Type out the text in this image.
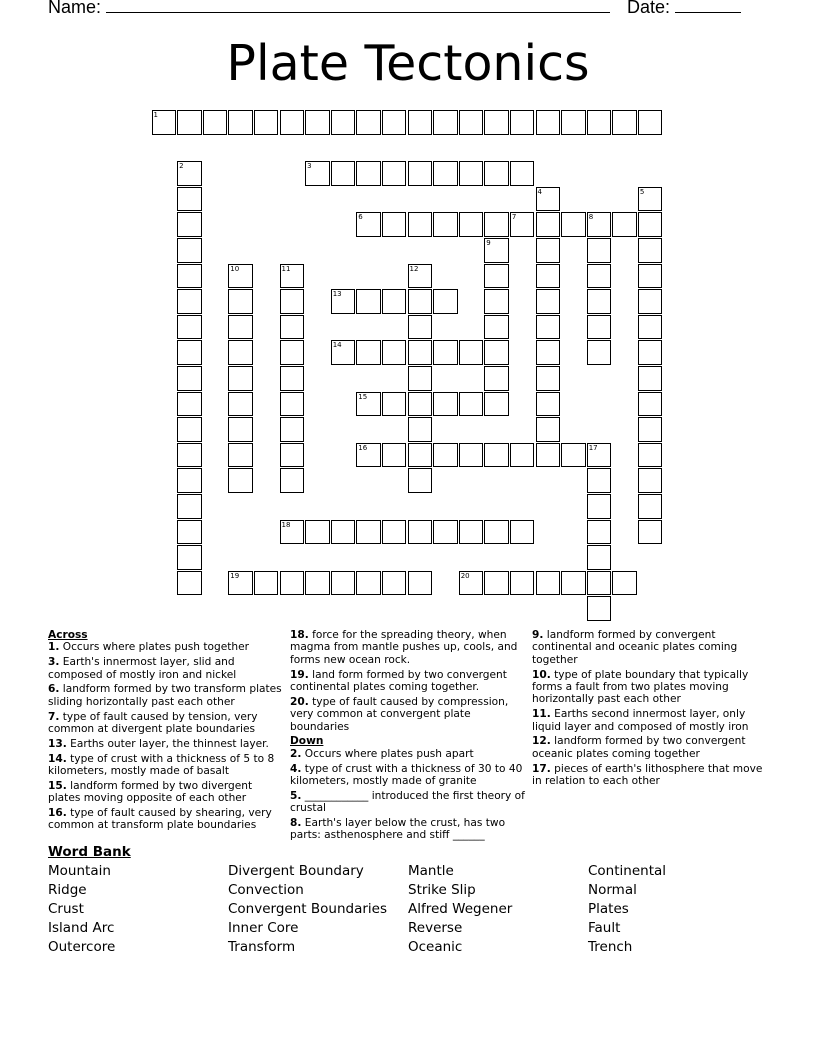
Name:	Date:
Plate Tectonics
1
2	3
4	5
6	7	8
9
10	11	12
13
14
15
16	17
18
19	20
Across
1. Occurs where plates push together
3. Earth's innermost layer, slid and composed of mostly iron and nickel
6. landform formed by two transform plates sliding horizontally past each other
7. type of fault caused by tension, very common at divergent plate boundaries
13. Earths outer layer, the thinnest layer.
14. type of crust with a thickness of 5 to 8 kilometers, mostly made of basalt
15. landform formed by two divergent plates moving opposite of each other
16. type of fault caused by shearing, very common at transform plate boundaries
18. force for the spreading theory, when magma from mantle pushes up, cools, and forms new ocean rock.
19. land form formed by two convergent continental plates coming together.
20. type of fault caused by compression, very common at convergent plate boundaries
Down
2. Occurs where plates push apart
4. type of crust with a thickness of 30 to 40 kilometers, mostly made of granite
5. ____________ introduced the first theory of crustal
8. Earth's layer below the crust, has two parts: asthenosphere and stiff ______
9. landform formed by convergent continental and oceanic plates coming together
10. type of plate boundary that typically forms a fault from two plates moving horizontally past each other
11. Earths second innermost layer, only liquid layer and composed of mostly iron
12. landform formed by two convergent oceanic plates coming together
17. pieces of earth's lithosphere that move in relation to each other
Word Bank
Mountain
Ridge
Crust
Island Arc
Outercore
Divergent Boundary
Convection
Convergent Boundaries
Inner Core
Transform
Mantle
Strike Slip
Alfred Wegener
Reverse
Oceanic
Continental
Normal
Plates
Fault
Trench
